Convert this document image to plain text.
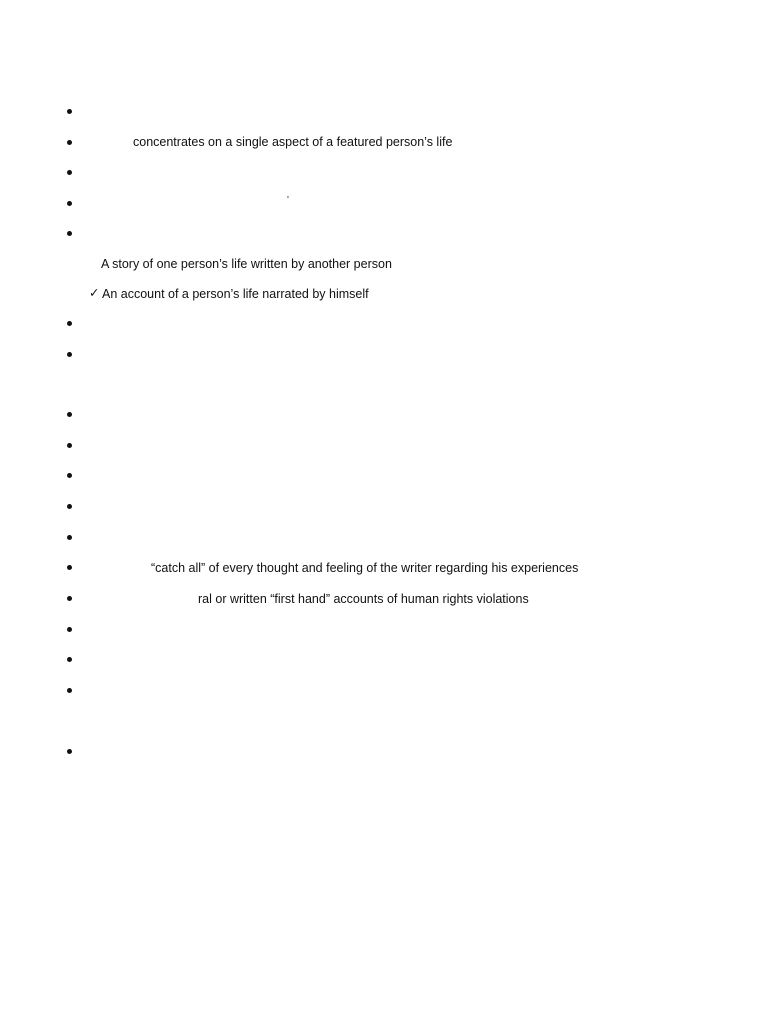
concentrates on a single aspect of a featured person’s life
'
A story of one person’s life written by another person
✓ An account of a person’s life narrated by himself
“catch all” of every thought and feeling of the writer regarding his experiences
ral or written “first hand” accounts of human rights violations
